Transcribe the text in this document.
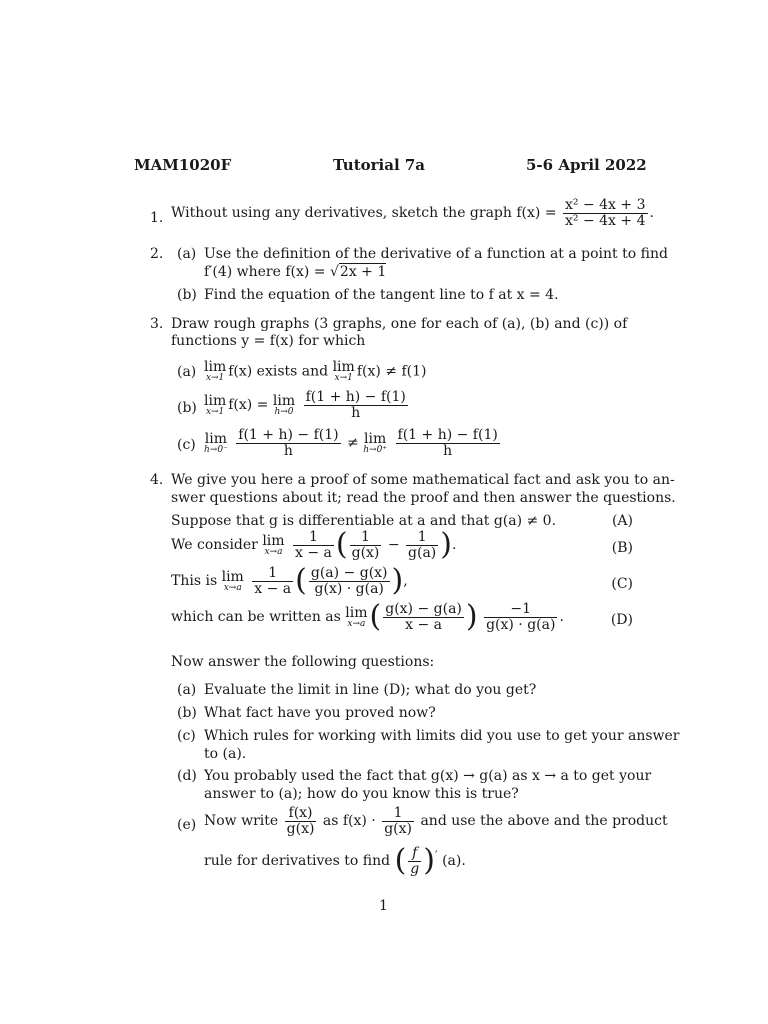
MAM1020F	Tutorial 7a	5-6 April 2022
1. Without using any derivatives, sketch the graph $f(x) = \frac{\text{x² − 4x + 3}}{\text{x² − 4x + 4}}$ .
2. (a) Use the definition of the derivative of a function at a point to find
f′(4) where f(x) = √2x + 1
(b) Find the equation of the tangent line to f at x = 4.
3. Draw rough graphs (3 graphs, one for each of (a), (b) and (c)) of
functions y = f(x) for which
(a) lim
x→1 f(x) exists and lim
x→1 f(x) ≠ f(1)
(b) lim
x→1 f(x) = lim
h→0
$\frac{f(1 + h) - f(1)}{h}$
(c) lim
h→0⁻
$\frac{f(1 + h) - f(1)}{h} \ne \lim$
h→0⁺
$\frac{f(1 + h) - f(1)}{h}$
4. We give you here a proof of some mathematical fact and ask you to an-
swer questions about it; read the proof and then answer the questions.
Suppose that g is differentiable at a and that g(a) ≠ 0.	(A)
We consider lim
x→a
$\frac{1}{x - a}$ ( $\frac{1}{g(x)} - \frac{1}{g(a)}$ ).	(B)
This is lim
x→a
$\frac{1}{x - a}$ ( $\frac{g(a) - g(x)}{g(x) \cdot g(a)}$ ),	(C)
which can be written as lim
x→a ( $\frac{g(x) - g(a)}{x - a}$ ) $\frac{-1}{g(x) \cdot g(a)}$ .	(D)
Now answer the following questions:
(a) Evaluate the limit in line (D); what do you get?
(b) What fact have you proved now?
(c) Which rules for working with limits did you use to get your answer
to (a).
(d) You probably used the fact that g(x) → g(a) as x → a to get your
answer to (a); how do you know this is true?
(e) Now write $\frac{f(x)}{g(x)}$ as $f(x) \cdot \frac{1}{g(x)}$ and use the above and the product
rule for derivatives to find ( $\frac{f}{g} )'$ (a).
1
